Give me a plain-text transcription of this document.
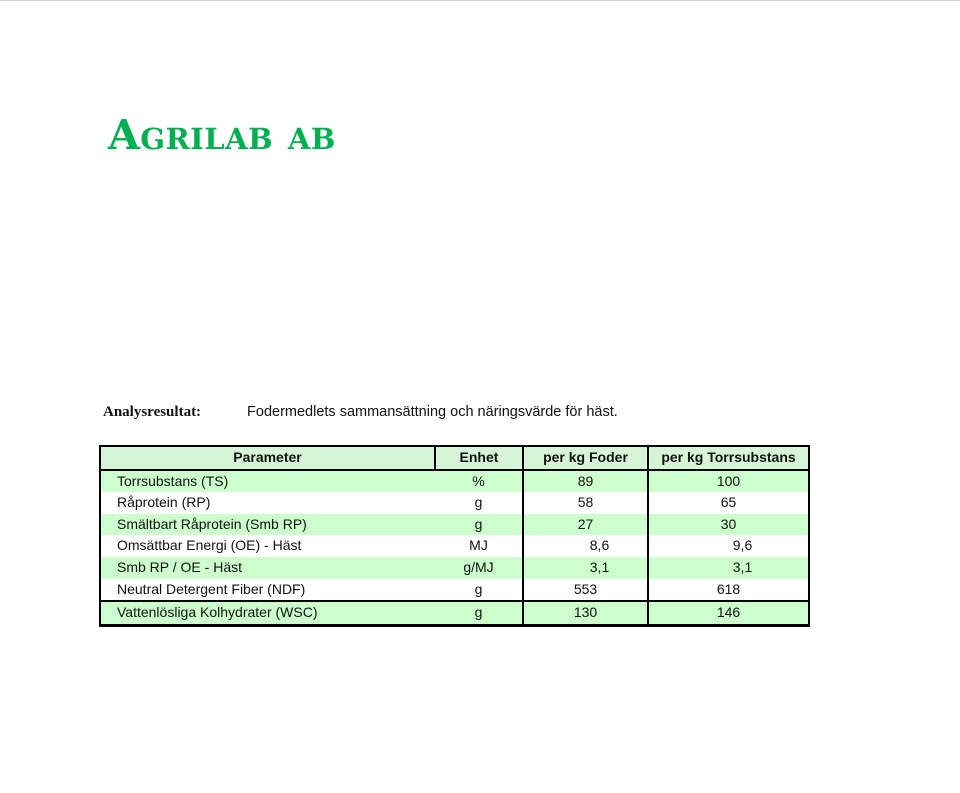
Agrilab ab
Analysresultat:	Fodermedlets sammansättning och näringsvärde för häst.
Parameter	Enhet	per kg Foder	per kg Torrsubstans
Torrsubstans (TS)	%	89	100
Råprotein (RP)	g	58	65
Smältbart Råprotein (Smb RP)	g	27	30
Omsättbar Energi (OE) - Häst	MJ	8,6	9,6
Smb RP / OE - Häst	g/MJ	3,1	3,1
Neutral Detergent Fiber (NDF)	g	553	618
Vattenlösliga Kolhydrater (WSC)	g	130	146
